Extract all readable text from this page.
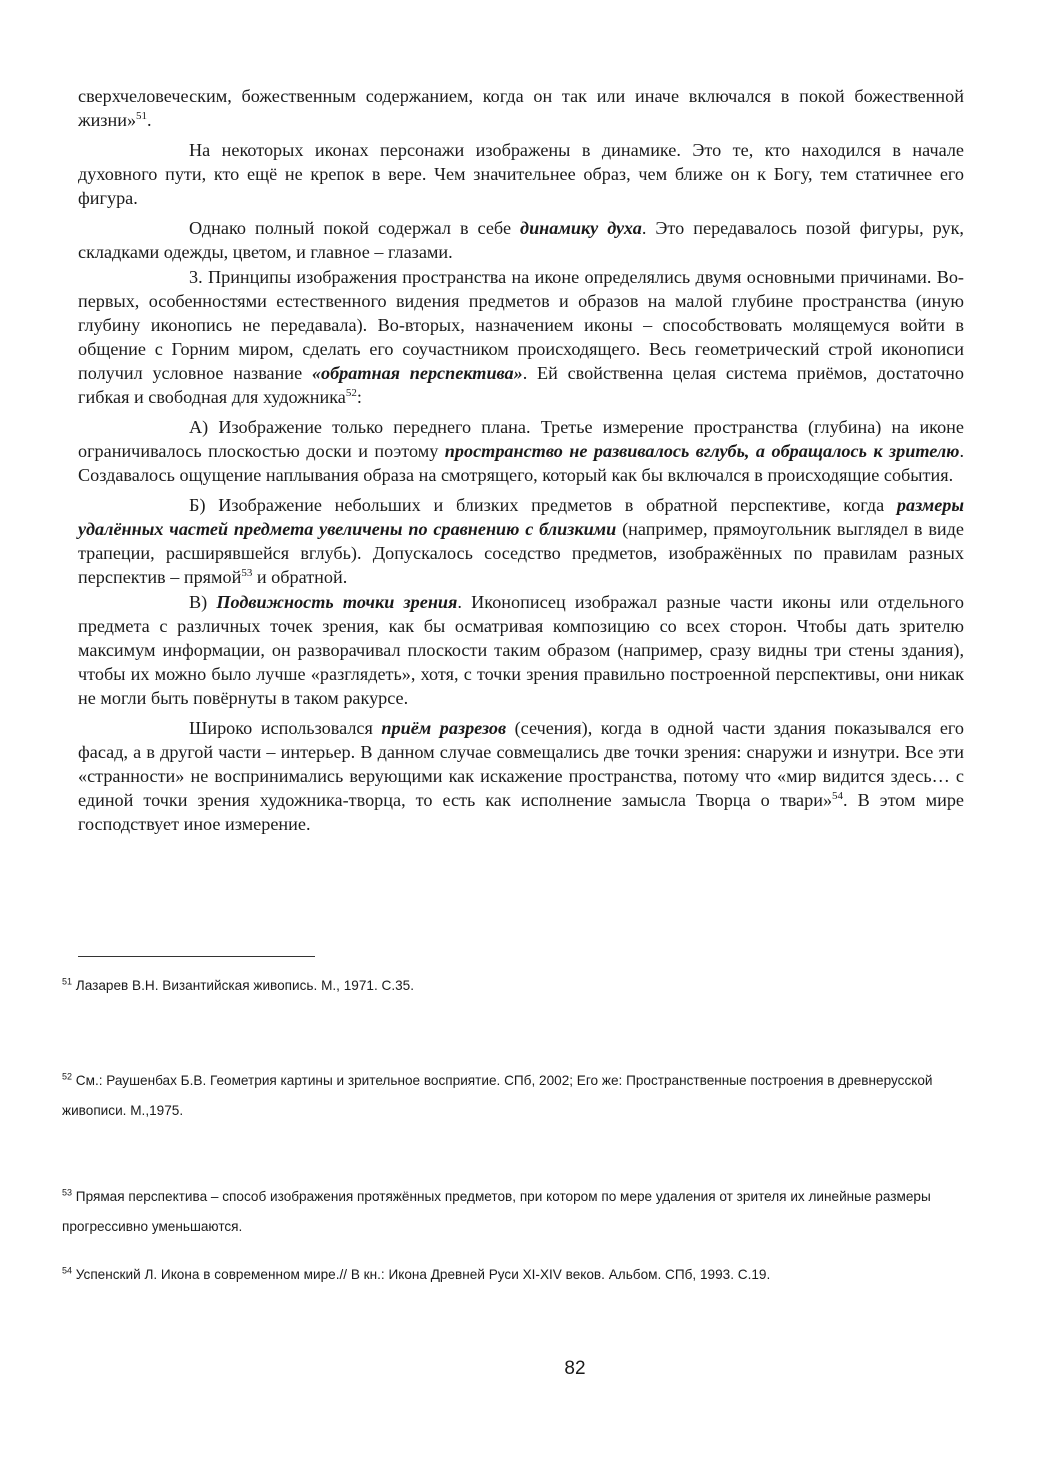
сверхчеловеческим, божественным содержанием, когда он так или иначе включался в покой божественной жизни»$^{51}$.

На некоторых иконах персонажи изображены в динамике. Это те, кто находился в начале духовного пути, кто ещё не крепок в вере. Чем значительнее образ, чем ближе он к Богу, тем статичнее его фигура.

Однако полный покой содержал в себе динамику духа. Это передавалось позой фигуры, рук, складками одежды, цветом, и главное – глазами.

3. Принципы изображения пространства на иконе определялись двумя основными причинами. Во-первых, особенностями естественного видения предметов и образов на малой глубине пространства (иную глубину иконопись не передавала). Во-вторых, назначением иконы – способствовать молящемуся войти в общение с Горним миром, сделать его соучастником происходящего. Весь геометрический строй иконописи получил условное название «обратная перспектива». Ей свойственна целая система приёмов, достаточно гибкая и свободная для художника$^{52}$:

А) Изображение только переднего плана. Третье измерение пространства (глубина) на иконе ограничивалось плоскостью доски и поэтому пространство не развивалось вглубь, а обращалось к зрителю. Создавалось ощущение наплывания образа на смотрящего, который как бы включался в происходящие события.

Б) Изображение небольших и близких предметов в обратной перспективе, когда размеры удалённых частей предмета увеличены по сравнению с близкими (например, прямоугольник выглядел в виде трапеции, расширявшейся вглубь). Допускалось соседство предметов, изображённых по правилам разных перспектив – прямой$^{53}$ и обратной.

В) Подвижность точки зрения. Иконописец изображал разные части иконы или отдельного предмета с различных точек зрения, как бы осматривая композицию со всех сторон. Чтобы дать зрителю максимум информации, он разворачивал плоскости таким образом (например, сразу видны три стены здания), чтобы их можно было лучше «разглядеть», хотя, с точки зрения правильно построенной перспективы, они никак не могли быть повёрнуты в таком ракурсе.

Широко использовался приём разрезов (сечения), когда в одной части здания показывался его фасад, а в другой части – интерьер. В данном случае совмещались две точки зрения: снаружи и изнутри. Все эти «странности» не воспринимались верующими как искажение пространства, потому что «мир видится здесь… с единой точки зрения художника-творца, то есть как исполнение замысла Творца о твари»$^{54}$. В этом мире господствует иное измерение.

$^{51}$ Лазарев В.Н. Византийская живопись. М., 1971. С.35.

$^{52}$ См.: Раушенбах Б.В. Геометрия картины и зрительное восприятие. СПб, 2002; Его же: Пространственные построения в древнерусской живописи. М.,1975.

$^{53}$ Прямая перспектива – способ изображения протяжённых предметов, при котором по мере удаления от зрителя их линейные размеры прогрессивно уменьшаются.

$^{54}$ Успенский Л. Икона в современном мире.// В кн.: Икона Древней Руси XI-XIV веков. Альбом. СПб, 1993. С.19.

82
